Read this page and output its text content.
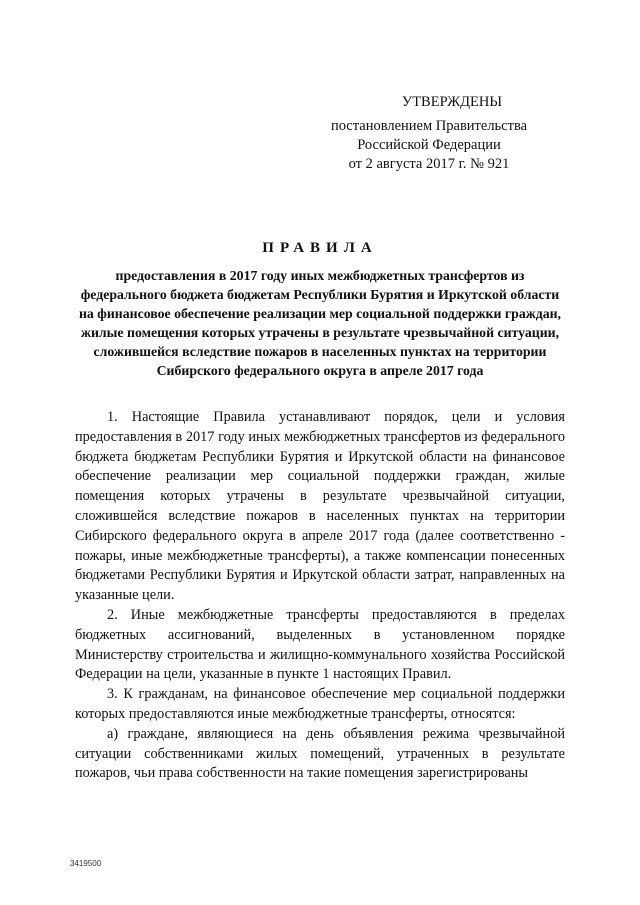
УТВЕРЖДЕНЫ
постановлением Правительства
Российской Федерации
от 2 августа 2017 г. № 921
ПРАВИЛА
предоставления в 2017 году иных межбюджетных трансфертов из федерального бюджета бюджетам Республики Бурятия и Иркутской области на финансовое обеспечение реализации мер социальной поддержки граждан, жилые помещения которых утрачены в результате чрезвычайной ситуации, сложившейся вследствие пожаров в населенных пунктах на территории Сибирского федерального округа в апреле 2017 года

1. Настоящие Правила устанавливают порядок, цели и условия предоставления в 2017 году иных межбюджетных трансфертов из федерального бюджета бюджетам Республики Бурятия и Иркутской области на финансовое обеспечение реализации мер социальной поддержки граждан, жилые помещения которых утрачены в результате чрезвычайной ситуации, сложившейся вследствие пожаров в населенных пунктах на территории Сибирского федерального округа в апреле 2017 года (далее соответственно - пожары, иные межбюджетные трансферты), а также компенсации понесенных бюджетами Республики Бурятия и Иркутской области затрат, направленных на указанные цели.

2. Иные межбюджетные трансферты предоставляются в пределах бюджетных ассигнований, выделенных в установленном порядке Министерству строительства и жилищно-коммунального хозяйства Российской Федерации на цели, указанные в пункте 1 настоящих Правил.

3. К гражданам, на финансовое обеспечение мер социальной поддержки которых предоставляются иные межбюджетные трансферты, относятся:

а) граждане, являющиеся на день объявления режима чрезвычайной ситуации собственниками жилых помещений, утраченных в результате пожаров, чьи права собственности на такие помещения зарегистрированы

3419500
